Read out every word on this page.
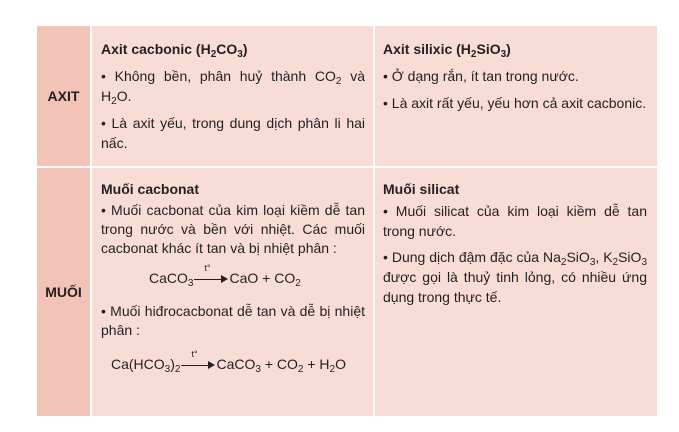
AXIT
MUỐI
Axit cacbonic $(H_2CO_3)$

• Không bền, phân huỷ thành $CO_2$ và $H_2O$.

• Là axit yếu, trong dung dịch phân li hai nấc.

Axit silixic $(H_2SiO_3)$

• Ở dạng rắn, ít tan trong nước.

• Là axit rất yếu, yếu hơn cả axit cacbonic.

Muối cacbonat

• Muối cacbonat của kim loại kiềm dễ tan trong nước và bền với nhiệt. Các muối cacbonat khác ít tan và bị nhiệt phân :

CaCO$_3$
t°
CaO + $CO_2$

• Muối hiđrocacbonat dễ tan và dễ bị nhiệt phân :

$Ca(HCO_3)_2$
t°
CaCO$_3$ + $CO_2 + H_2O$
Muối silicat

• Muối silicat của kim loại kiềm dễ tan trong nước.

• Dung dịch đậm đặc của $Na_2SiO_3$, $K_2SiO_3$ được gọi là thuỷ tinh lỏng, có nhiều ứng dụng trong thực tế.
